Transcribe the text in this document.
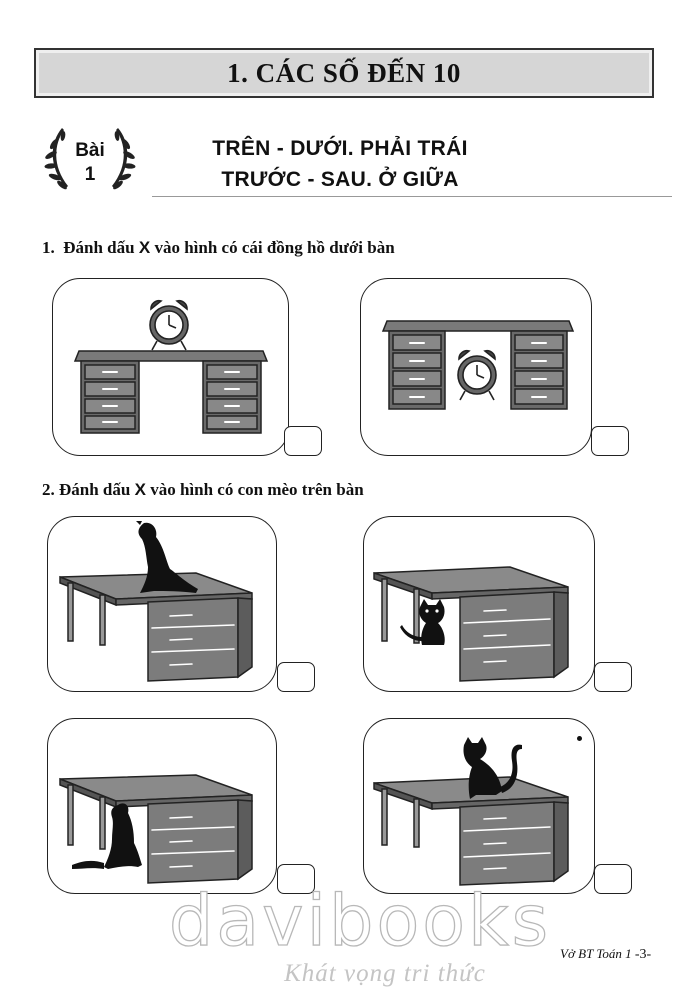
1. CÁC SỐ ĐẾN 10
Bài
1
TRÊN - DƯỚI. PHẢI TRÁI
TRƯỚC - SAU. Ở GIỮA
1. Đánh dấu X vào hình có cái đồng hồ dưới bàn
2. Đánh dấu X vào hình có con mèo trên bàn
davibooks
Khát vọng tri thức
Vở BT Toán 1 -3-
